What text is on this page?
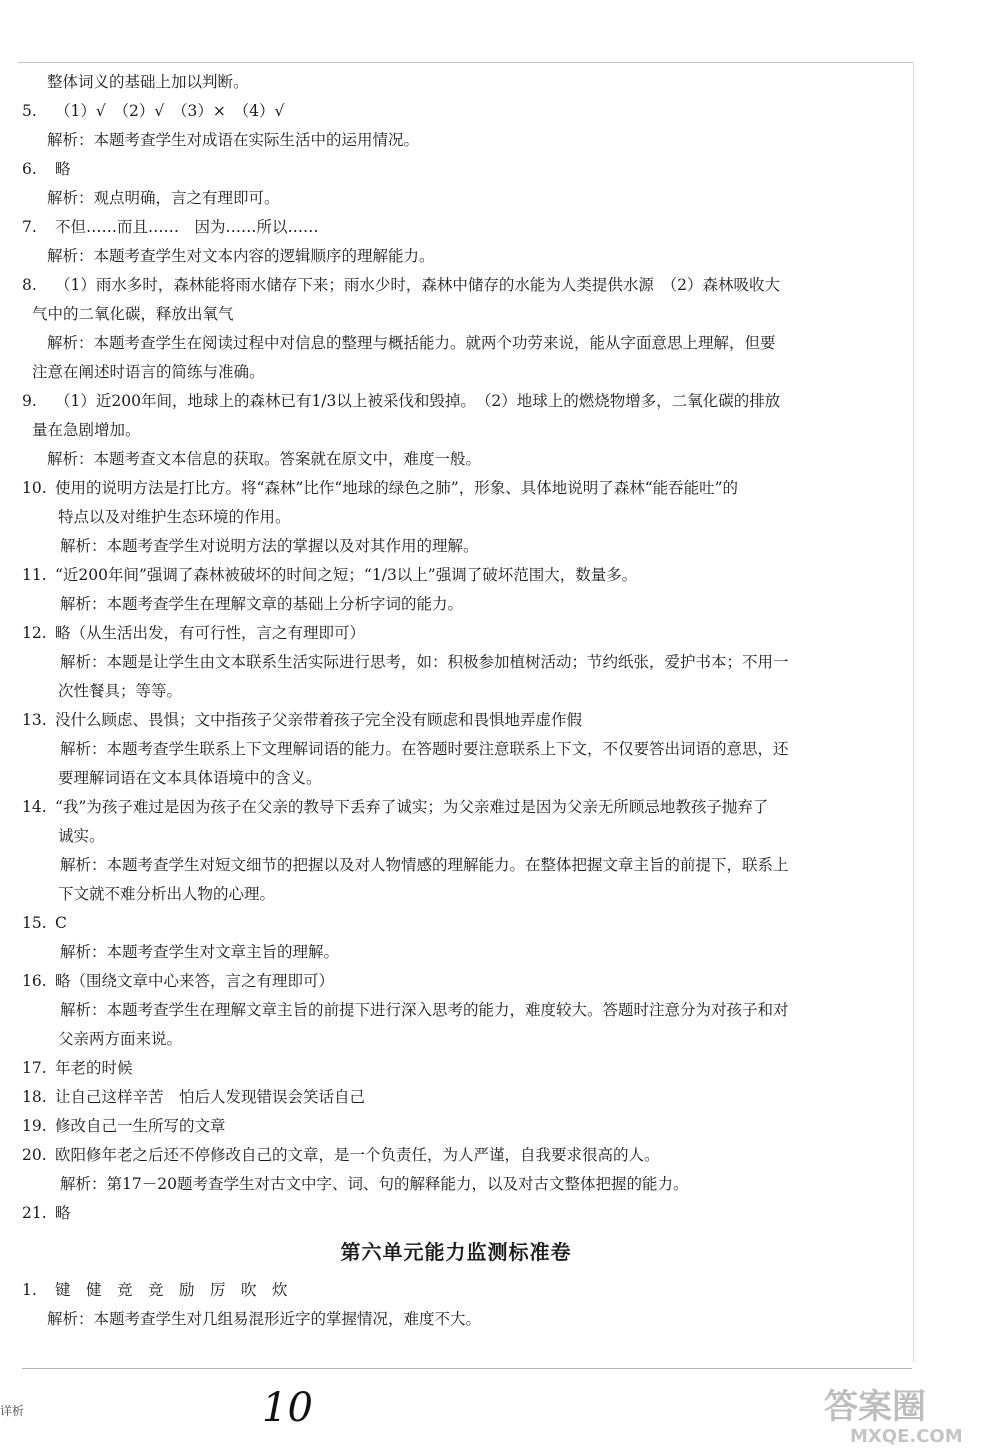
整体词义的基础上加以判断。
5. （1）√　（2）√　（3）×　（4）√
解析：本题考查学生对成语在实际生活中的运用情况。
6. 略
解析：观点明确，言之有理即可。
7. 不但……而且……　因为……所以……
解析：本题考查学生对文本内容的逻辑顺序的理解能力。
8. （1）雨水多时，森林能将雨水储存下来；雨水少时，森林中储存的水能为人类提供水源　（2）森林吸收大
气中的二氧化碳，释放出氧气
解析：本题考查学生在阅读过程中对信息的整理与概括能力。就两个功劳来说，能从字面意思上理解，但要
注意在阐述时语言的简练与准确。
9. （1）近200年间，地球上的森林已有1/3以上被采伐和毁掉。　（2）地球上的燃烧物增多，二氧化碳的排放
量在急剧增加。
解析：本题考查文本信息的获取。答案就在原文中，难度一般。
10. 使用的说明方法是打比方。将“森林”比作“地球的绿色之肺”，形象、具体地说明了森林“能吞能吐”的
特点以及对维护生态环境的作用。
解析：本题考查学生对说明方法的掌握以及对其作用的理解。
11. “近200年间”强调了森林被破坏的时间之短；“1/3以上”强调了破坏范围大，数量多。
解析：本题考查学生在理解文章的基础上分析字词的能力。
12. 略（从生活出发，有可行性，言之有理即可）
解析：本题是让学生由文本联系生活实际进行思考，如：积极参加植树活动；节约纸张，爱护书本；不用一
次性餐具；等等。
13. 没什么顾虑、畏惧；文中指孩子父亲带着孩子完全没有顾虑和畏惧地弄虚作假
解析：本题考查学生联系上下文理解词语的能力。在答题时要注意联系上下文，不仅要答出词语的意思，还
要理解词语在文本具体语境中的含义。
14. “我”为孩子难过是因为孩子在父亲的教导下丢弃了诚实；为父亲难过是因为父亲无所顾忌地教孩子抛弃了
诚实。
解析：本题考查学生对短文细节的把握以及对人物情感的理解能力。在整体把握文章主旨的前提下，联系上
下文就不难分析出人物的心理。
15. C
解析：本题考查学生对文章主旨的理解。
16. 略（围绕文章中心来答，言之有理即可）
解析：本题考查学生在理解文章主旨的前提下进行深入思考的能力，难度较大。答题时注意分为对孩子和对
父亲两方面来说。
17. 年老的时候
18. 让自己这样辛苦　怕后人发现错误会笑话自己
19. 修改自己一生所写的文章
20. 欧阳修年老之后还不停修改自己的文章，是一个负责任，为人严谨，自我要求很高的人。
解析：第17－20题考查学生对古文中字、词、句的解释能力，以及对古文整体把握的能力。
21. 略
第六单元能力监测标准卷
1. 键　健　竞　竞　励　厉　吹　炊
解析：本题考查学生对几组易混形近字的掌握情况，难度不大。
详析	10	答案圈
MXQE.COM
